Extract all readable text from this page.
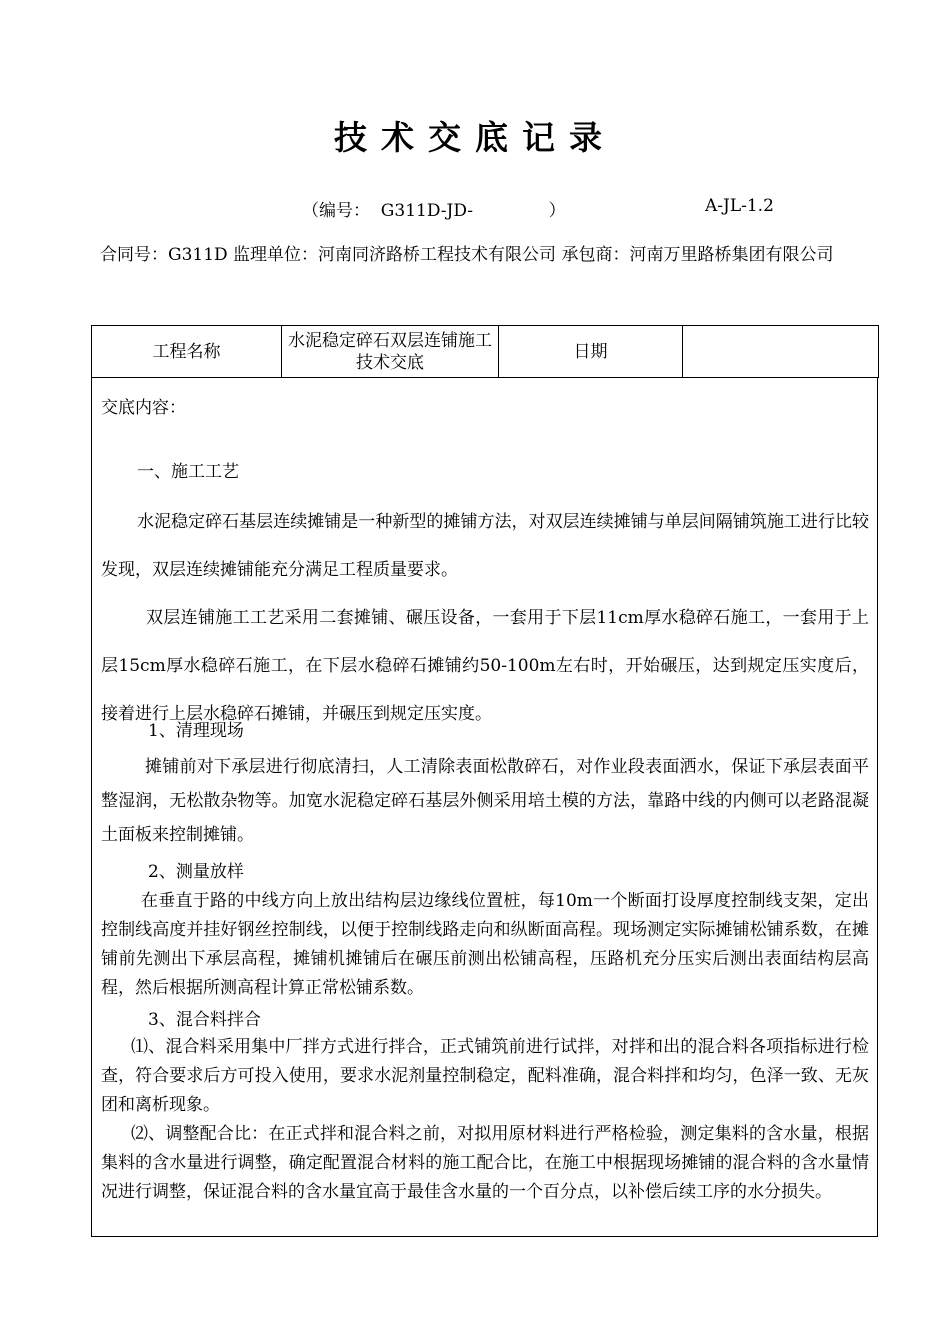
技术交底记录
（编号：  G311D-JD-              ）	A-JL-1.2

合同号：G311D 监理单位：河南同济路桥工程技术有限公司 承包商：河南万里路桥集团有限公司

工程名称	水泥稳定碎石双层连铺施工技术交底	日期	

交底内容：

一、施工工艺

水泥稳定碎石基层连续摊铺是一种新型的摊铺方法，对双层连续摊铺与单层间隔铺筑施工进行比较发现，双层连续摊铺能充分满足工程质量要求。

双层连铺施工工艺采用二套摊铺、碾压设备，一套用于下层11cm厚水稳碎石施工，一套用于上层15cm厚水稳碎石施工，在下层水稳碎石摊铺约50-100m左右时，开始碾压，达到规定压实度后，接着进行上层水稳碎石摊铺，并碾压到规定压实度。

1、清理现场

摊铺前对下承层进行彻底清扫，人工清除表面松散碎石，对作业段表面洒水，保证下承层表面平整湿润，无松散杂物等。加宽水泥稳定碎石基层外侧采用培土模的方法，靠路中线的内侧可以老路混凝土面板来控制摊铺。

2、测量放样

在垂直于路的中线方向上放出结构层边缘线位置桩，每10m一个断面打设厚度控制线支架，定出控制线高度并挂好钢丝控制线，以便于控制线路走向和纵断面高程。现场测定实际摊铺松铺系数，在摊铺前先测出下承层高程，摊铺机摊铺后在碾压前测出松铺高程，压路机充分压实后测出表面结构层高程，然后根据所测高程计算正常松铺系数。

3、混合料拌合

⑴、混合料采用集中厂拌方式进行拌合，正式铺筑前进行试拌，对拌和出的混合料各项指标进行检查，符合要求后方可投入使用，要求水泥剂量控制稳定，配料准确，混合料拌和均匀，色泽一致、无灰团和离析现象。

⑵、调整配合比：在正式拌和混合料之前，对拟用原材料进行严格检验，测定集料的含水量，根据集料的含水量进行调整，确定配置混合材料的施工配合比，在施工中根据现场摊铺的混合料的含水量情况进行调整，保证混合料的含水量宜高于最佳含水量的一个百分点，以补偿后续工序的水分损失。
